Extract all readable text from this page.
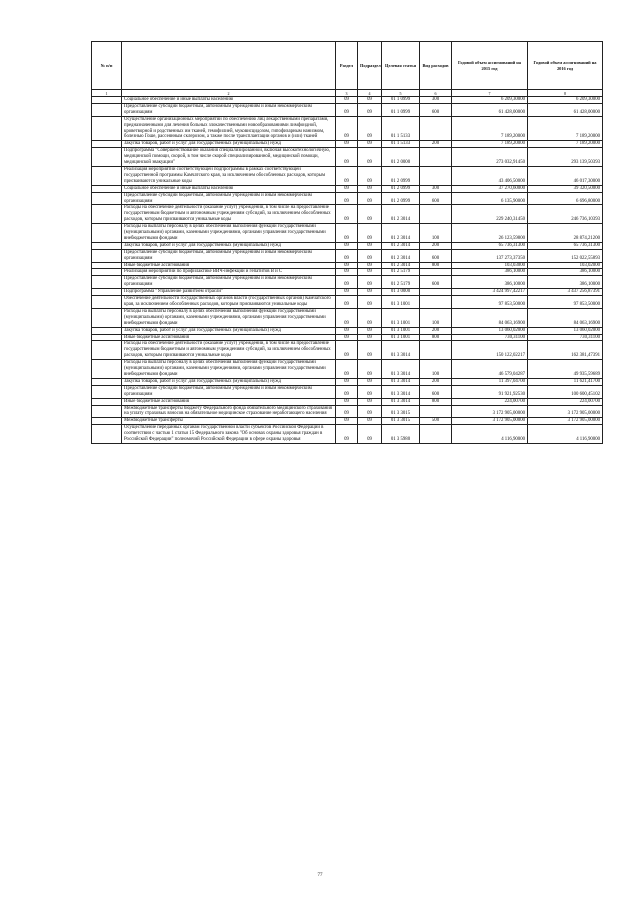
№ п/п		Раздел	Подраздел	Целевая статья	Вид расходов	Годовой объем ассигнований на 2015 год	Годовой объем ассигнований на 2016 год
1	2	3	4	5	6	7	8
	Социальное обеспечение и иные выплаты населению	09	09	01 1 0999	300	6 209,30000	6 209,30000
	Предоставление субсидий бюджетным, автономным учреждениям и иным некоммерческим организациям	09	09	01 1 0999	600	61 428,00000	61 428,00000
	Осуществление организационных мероприятий по обеспечению лиц лекарственными препаратами, предназначенными для лечения больных злокачественными новообразованиями лимфоидной, кроветворной и родственных им тканей, гемофилией, муковисцидозом, гипофизарным нанизмом, болезнью Гоше, рассеянным склерозом, а также после трансплантации органов и (или) тканей	09	09	01 1 5133		7 189,20000	7 189,20000
	Закупка товаров, работ и услуг для государственных (муниципальных) нужд	09	09	01 1 5133	200	7 189,20000	7 189,20000
	Подпрограмма "Совершенствование оказания специализированной, включая высокотехнологичную, медицинской помощи, скорой, в том числе скорой специализированной, медицинской помощи, медицинской эвакуации"	09	09	01 2 0000		273 032,91450	293 139,50393
	Реализация мероприятий соответствующей подпрограммы в рамках соответствующей государственной программы Камчатского края, за исключением обособленных расходов, которым присваиваются уникальные коды	09	09	01 2 0999		43 406,50000	46 017,30000
	Социальное обеспечение и иные выплаты населению	09	09	01 2 0999	300	37 270,60000	39 320,50000
	Предоставление субсидий бюджетным, автономным учреждениям и иным некоммерческим организациям	09	09	01 2 0999	600	6 135,90000	6 696,80000
	Расходы на обеспечение деятельности (оказание услуг) учреждений, в том числе на предоставление государственным бюджетным и автономным учреждениям субсидий, за исключением обособленных расходов, которым присваиваются уникальные коды	09	09	01 2 3014		229 240,31450	246 736,10393
	Расходы на выплаты персоналу в целях обеспечения выполнения функций государственными (муниципальными) органами, казенными учреждениями, органами управления государственными внебюджетными фондами	09	09	01 2 3014	100	26 123,59800	28 874,21200
	Закупка товаров, работ и услуг для государственных (муниципальных) нужд	09	09	01 2 3014	200	65 736,31300	65 736,31300
	Предоставление субсидий бюджетным, автономным учреждениям и иным некоммерческим организациям	09	09	01 2 3014	600	137 273,37350	152 022,55893
	Иные бюджетные ассигнования	09	09	01 2 3014	800	103,03000	103,02000
	Реализация мероприятий по профилактике ВИЧ-инфекции и гепатитов В и С	09	09	01 2 5179		386,10000	386,10000
	Предоставление субсидий бюджетным, автономным учреждениям и иным некоммерческим организациям	09	09	01 2 5179	600	386,10000	386,10000
	Подпрограмма "Управление развитием отрасли"	09	09	01 3 0000		3 424 997,42217	3 437 256,87391
	Обеспечение деятельности государственных органов власти (государственных органов) Камчатского края, за исключением обособленных расходов, которым присваиваются уникальные коды	09	09	01 3 1001		97 853,50000	97 853,50000
	Расходы на выплаты персоналу в целях обеспечения выполнения функций государственными (муниципальными) органами, казенными учреждениями, органами управления государственными внебюджетными фондами	09	09	01 3 1001	100	84 063,16900	84 063,16900
	Закупка товаров, работ и услуг для государственных (муниципальных) нужд	09	09	01 3 1001	200	13 060,02000	13 060,02000
	Иные бюджетные ассигнования	09	09	01 3 1001	800	730,31100	730,31100
	Расходы на обеспечение деятельности (оказание услуг) учреждений, в том числе на предоставление государственным бюджетным и автономным учреждениям субсидий, за исключением обособленных расходов, которым присваиваются уникальные коды	09	09	01 3 3014		150 122,02217	162 381,47391
	Расходы на выплаты персоналу в целях обеспечения выполнения функций государственными (муниципальными) органами, казенными учреждениями, органами управления государственными внебюджетными фондами	09	09	01 3 3014	100	46 579,04287	49 935,59689
	Закупка товаров, работ и услуг для государственных (муниципальных) нужд	09	09	01 3 3014	200	11 397,04700	11 621,41700
	Предоставление субсидий бюджетным, автономным учреждениям и иным некоммерческим организациям	09	09	01 3 3014	600	91 921,92530	100 600,45102
	Иные бюджетные ассигнования	09	09	01 3 3014	800	224,00700	224,00700
	Межбюджетные трансферты бюджету Федерального фонда обязательного медицинского страхования на уплату страховых взносов на обязательное медицинское страхование неработающего населения	09	09	01 3 3015		3 172 905,00000	3 172 905,00000
	Межбюджетные трансферты	09	09	01 3 3015	500	3 172 905,00000	3 172 905,00000
	Осуществление переданных органам государственной власти субъектов Российской Федерации в соответствии с частью 1 статьи 15 Федерального закона "Об основах охраны здоровья граждан в Российской Федерации" полномочий Российской Федерации в сфере охраны здоровья	09	09	01 3 5980		4 116,90000	4 116,90000
77
